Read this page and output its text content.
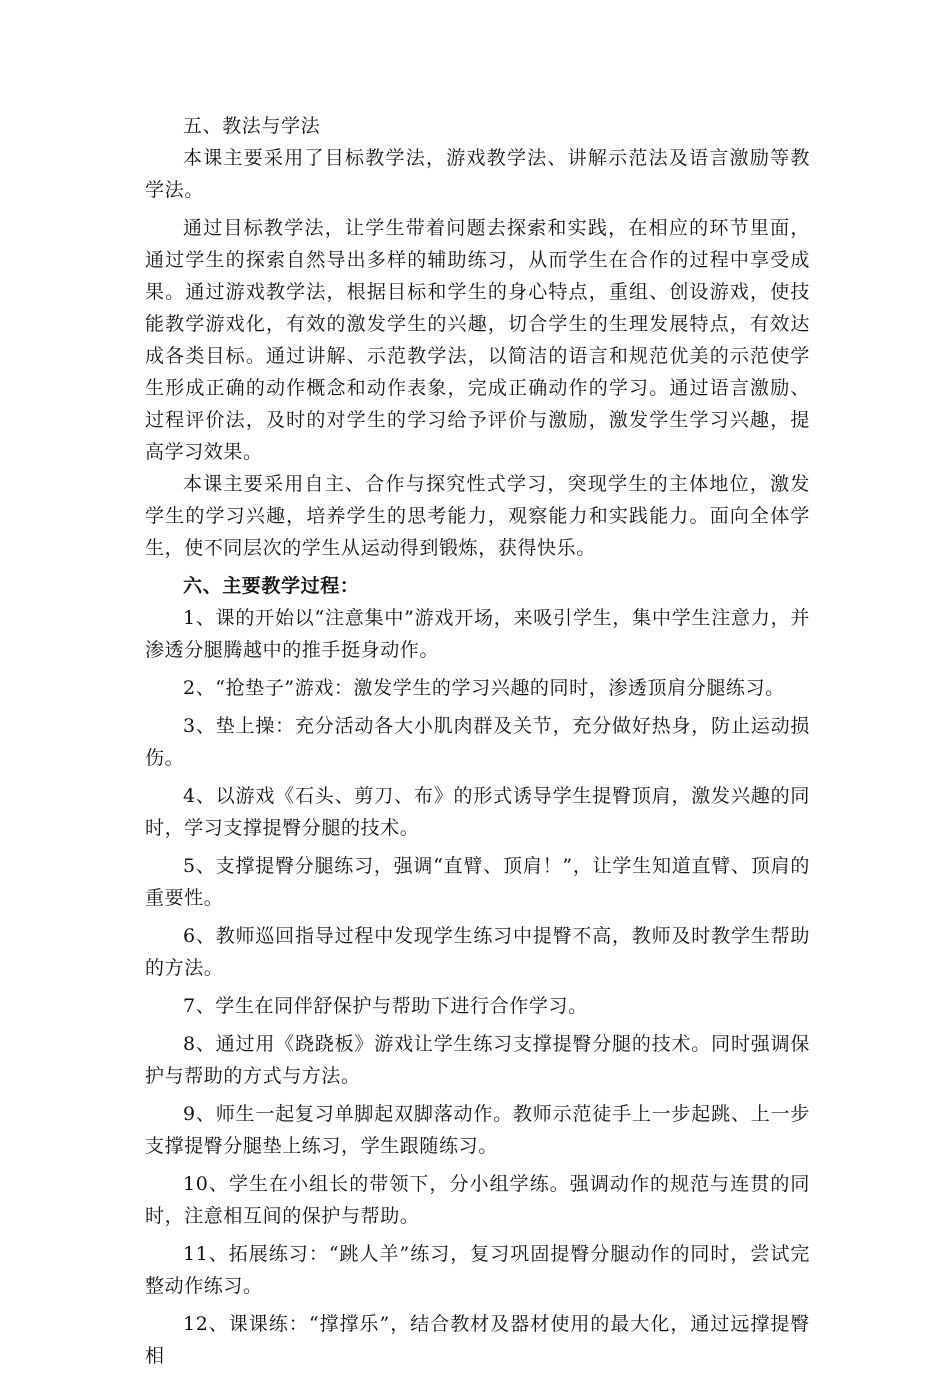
五、教法与学法

本课主要采用了目标教学法，游戏教学法、讲解示范法及语言激励等教学法。

通过目标教学法，让学生带着问题去探索和实践，在相应的环节里面，通过学生的探索自然导出多样的辅助练习，从而学生在合作的过程中享受成果。通过游戏教学法，根据目标和学生的身心特点，重组、创设游戏，使技能教学游戏化，有效的激发学生的兴趣，切合学生的生理发展特点，有效达成各类目标。通过讲解、示范教学法，以简洁的语言和规范优美的示范使学生形成正确的动作概念和动作表象，完成正确动作的学习。通过语言激励、过程评价法，及时的对学生的学习给予评价与激励，激发学生学习兴趣，提高学习效果。

本课主要采用自主、合作与探究性式学习，突现学生的主体地位，激发学生的学习兴趣，培养学生的思考能力，观察能力和实践能力。面向全体学生，使不同层次的学生从运动得到锻炼，获得快乐。

六、主要教学过程：

1、课的开始以“注意集中”游戏开场，来吸引学生，集中学生注意力，并渗透分腿腾越中的推手挺身动作。

2、“抢垫子”游戏：激发学生的学习兴趣的同时，渗透顶肩分腿练习。

3、垫上操：充分活动各大小肌肉群及关节，充分做好热身，防止运动损伤。

4、以游戏《石头、剪刀、布》的形式诱导学生提臀顶肩，激发兴趣的同时，学习支撑提臀分腿的技术。

5、支撑提臀分腿练习，强调“直臂、顶肩！”，让学生知道直臂、顶肩的重要性。

6、教师巡回指导过程中发现学生练习中提臀不高，教师及时教学生帮助的方法。

7、学生在同伴舒保护与帮助下进行合作学习。

8、通过用《跷跷板》游戏让学生练习支撑提臀分腿的技术。同时强调保护与帮助的方式与方法。

9、师生一起复习单脚起双脚落动作。教师示范徒手上一步起跳、上一步支撑提臀分腿垫上练习，学生跟随练习。

10、学生在小组长的带领下，分小组学练。强调动作的规范与连贯的同时，注意相互间的保护与帮助。

11、拓展练习：“跳人羊”练习，复习巩固提臀分腿动作的同时，尝试完整动作练习。

12、课课练：“撑撑乐”，结合教材及器材使用的最大化，通过远撑提臀相
